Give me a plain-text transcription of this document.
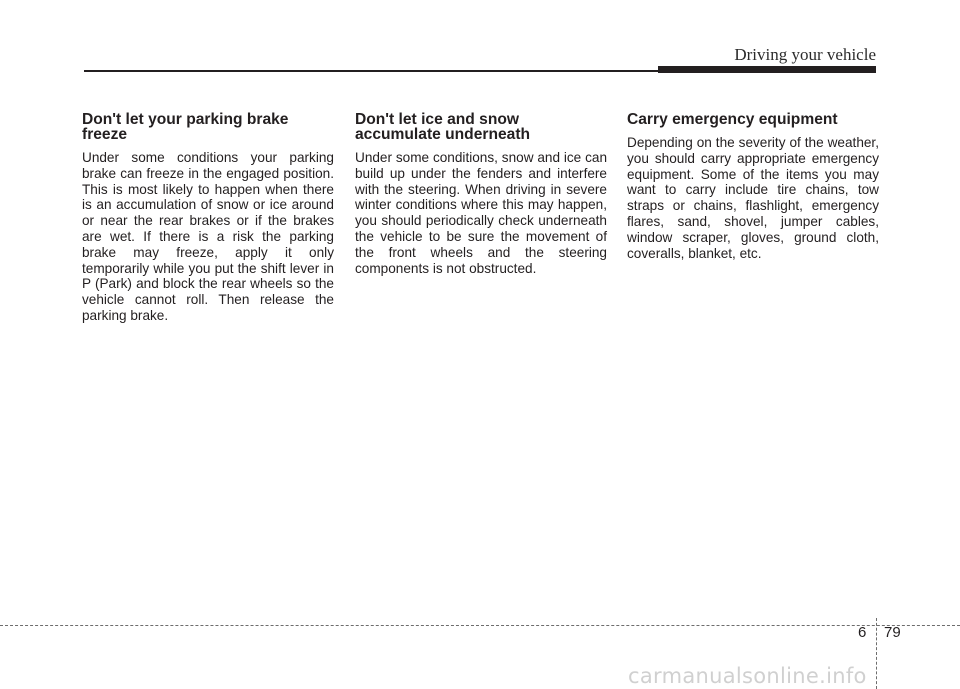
Driving your vehicle
Don't let your parking brake freeze

Under some conditions your parking brake can freeze in the engaged position. This is most likely to happen when there is an accumulation of snow or ice around or near the rear brakes or if the brakes are wet. If there is a risk the parking brake may freeze, apply it only temporarily while you put the shift lever in P (Park) and block the rear wheels so the vehicle cannot roll. Then release the parking brake.

Don't let ice and snow accumulate underneath

Under some conditions, snow and ice can build up under the fenders and interfere with the steering. When driving in severe winter conditions where this may happen, you should periodically check underneath the vehicle to be sure the movement of the front wheels and the steering components is not obstructed.

Carry emergency equipment

Depending on the severity of the weather, you should carry appropriate emergency equipment. Some of the items you may want to carry include tire chains, tow straps or chains, flashlight, emergency flares, sand, shovel, jumper cables, window scraper, gloves, ground cloth, coveralls, blanket, etc.

6 79
carmanualsonline.info
